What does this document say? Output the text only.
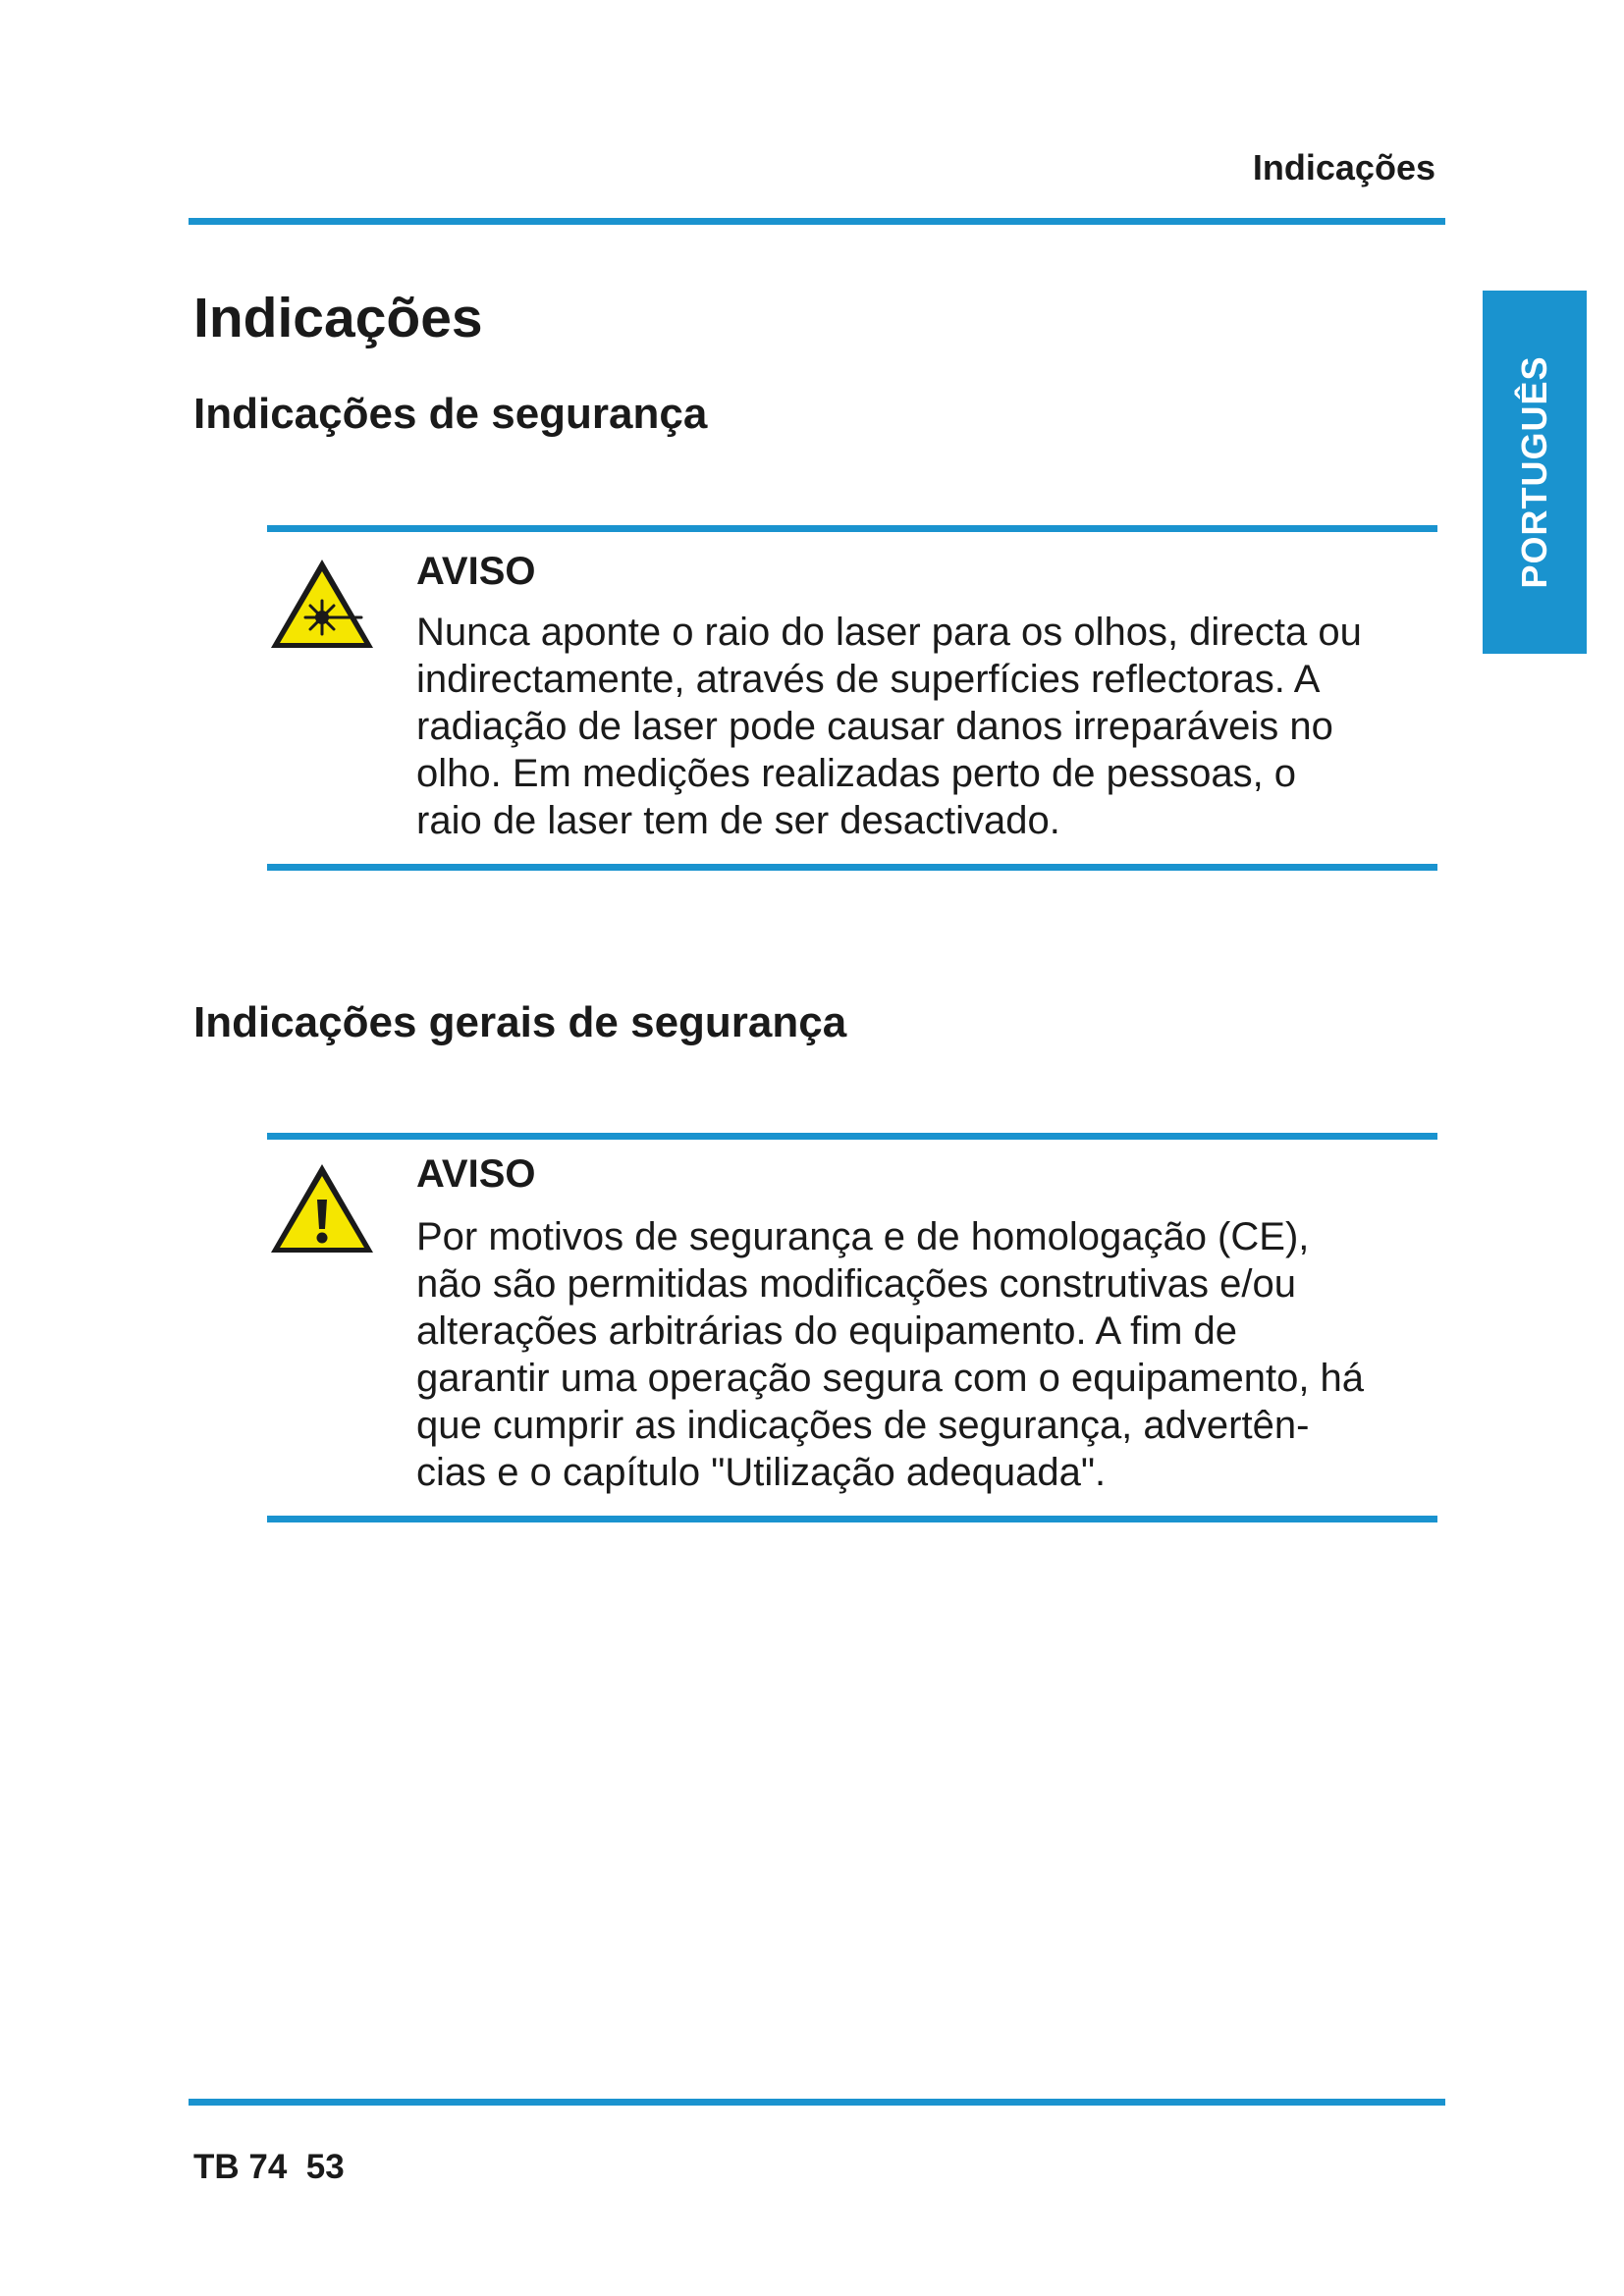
Indicações
PORTUGUÊS
Indicações
Indicações de segurança
AVISO
Nunca aponte o raio do laser para os olhos, directa ou
indirectamente, através de superfícies reflectoras. A
radiação de laser pode causar danos irreparáveis no
olho. Em medições realizadas perto de pessoas, o
raio de laser tem de ser desactivado.
Indicações gerais de segurança
AVISO
Por motivos de segurança e de homologação (CE),
não são permitidas modificações construtivas e/ou
alterações arbitrárias do equipamento. A fim de
garantir uma operação segura com o equipamento, há
que cumprir as indicações de segurança, advertên-
cias e o capítulo "Utilização adequada".
TB 74  53
